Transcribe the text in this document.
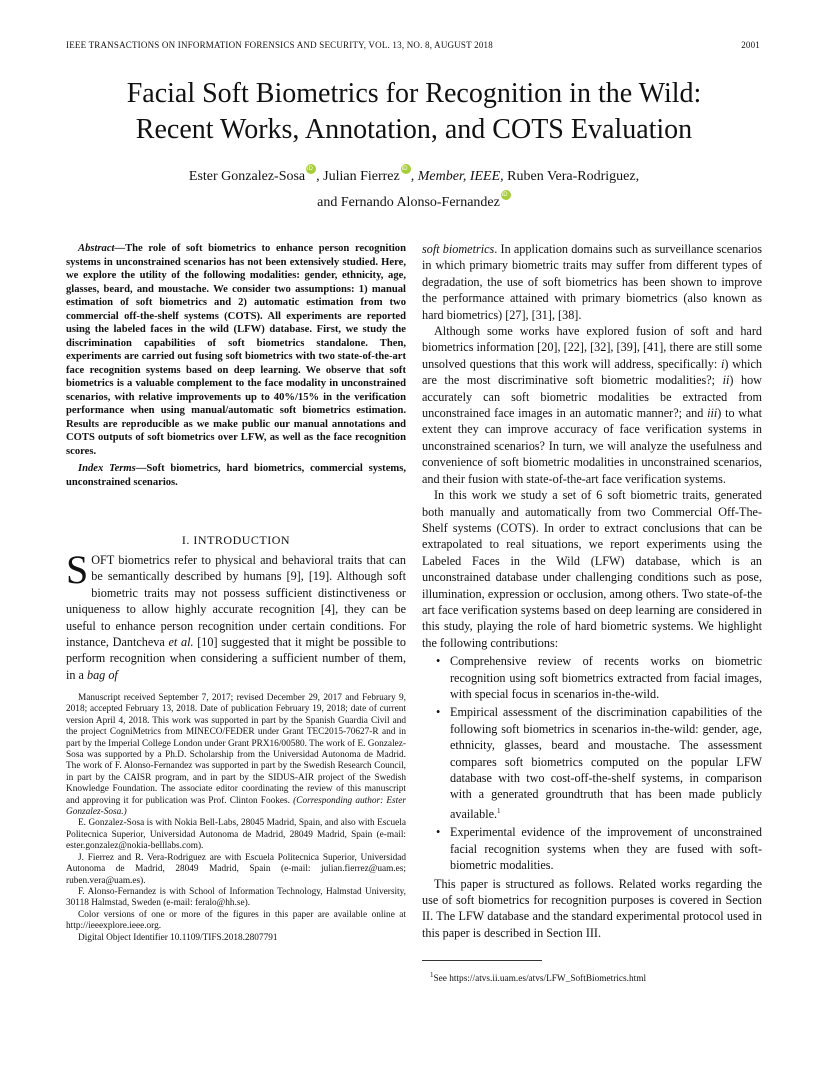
IEEE TRANSACTIONS ON INFORMATION FORENSICS AND SECURITY, VOL. 13, NO. 8, AUGUST 2018	2001
Facial Soft Biometrics for Recognition in the Wild:
Recent Works, Annotation, and COTS Evaluation
Ester Gonzalez-Sosa iD , Julian Fierrez iD , Member, IEEE, Ruben Vera-Rodriguez,
and Fernando Alonso-FernandeziD

Abstract—The role of soft biometrics to enhance person recognition systems in unconstrained scenarios has not been extensively studied. Here, we explore the utility of the following modalities: gender, ethnicity, age, glasses, beard, and moustache. We consider two assumptions: 1) manual estimation of soft biometrics and 2) automatic estimation from two commercial off-the-shelf systems (COTS). All experiments are reported using the labeled faces in the wild (LFW) database. First, we study the discrimination capabilities of soft biometrics standalone. Then, experiments are carried out fusing soft biometrics with two state-of-the-art face recognition systems based on deep learning. We observe that soft biometrics is a valuable complement to the face modality in unconstrained scenarios, with relative improvements up to 40%/15% in the verification performance when using manual/automatic soft biometrics estimation. Results are reproducible as we make public our manual annotations and COTS outputs of soft biometrics over LFW, as well as the face recognition scores.

Index Terms—Soft biometrics, hard biometrics, commercial systems, unconstrained scenarios.

I. INTRODUCTION
SOFT biometrics refer to physical and behavioral traits that can be semantically described by humans [9], [19]. Although soft biometric traits may not possess sufficient distinctiveness or uniqueness to allow highly accurate recognition [4], they can be useful to enhance person recognition under certain conditions. For instance, Dantcheva et al. [10] suggested that it might be possible to perform recognition when considering a sufficient number of them, in a bag of

Manuscript received September 7, 2017; revised December 29, 2017 and February 9, 2018; accepted February 13, 2018. Date of publication February 19, 2018; date of current version April 4, 2018. This work was supported in part by the Spanish Guardia Civil and the project CogniMetrics from MINECO/FEDER under Grant TEC2015-70627-R and in part by the Imperial College London under Grant PRX16/00580. The work of E. Gonzalez-Sosa was supported by a Ph.D. Scholarship from the Universidad Autonoma de Madrid. The work of F. Alonso-Fernandez was supported in part by the Swedish Research Council, in part by the CAISR program, and in part by the SIDUS-AIR project of the Swedish Knowledge Foundation. The associate editor coordinating the review of this manuscript and approving it for publication was Prof. Clinton Fookes. (Corresponding author: Ester Gonzalez-Sosa.)

E. Gonzalez-Sosa is with Nokia Bell-Labs, 28045 Madrid, Spain, and also with Escuela Politecnica Superior, Universidad Autonoma de Madrid, 28049 Madrid, Spain (e-mail: ester.gonzalez@nokia-belllabs.com).

J. Fierrez and R. Vera-Rodriguez are with Escuela Politecnica Superior, Universidad Autonoma de Madrid, 28049 Madrid, Spain (e-mail: julian.fierrez@uam.es; ruben.vera@uam.es).

F. Alonso-Fernandez is with School of Information Technology, Halmstad University, 30118 Halmstad, Sweden (e-mail: feralo@hh.se).

Color versions of one or more of the figures in this paper are available online at http://ieeexplore.ieee.org.

Digital Object Identifier 10.1109/TIFS.2018.2807791

soft biometrics. In application domains such as surveillance scenarios in which primary biometric traits may suffer from different types of degradation, the use of soft biometrics has been shown to improve the performance attained with primary biometrics (also known as hard biometrics) [27], [31], [38].

Although some works have explored fusion of soft and hard biometrics information [20], [22], [32], [39], [41], there are still some unsolved questions that this work will address, specifically: i) which are the most discriminative soft biometric modalities?; ii) how accurately can soft biometric modalities be extracted from unconstrained face images in an automatic manner?; and iii) to what extent they can improve accuracy of face verification systems in unconstrained scenarios? In turn, we will analyze the usefulness and convenience of soft biometric modalities in unconstrained scenarios, and their fusion with state-of-the-art face verification systems.

In this work we study a set of 6 soft biometric traits, generated both manually and automatically from two Commercial Off-The-Shelf systems (COTS). In order to extract conclusions that can be extrapolated to real situations, we report experiments using the Labeled Faces in the Wild (LFW) database, which is an unconstrained database under challenging conditions such as pose, illumination, expression or occlusion, among others. Two state-of-the art face verification systems based on deep learning are considered in this study, playing the role of hard biometric systems. We highlight the following contributions:

• Comprehensive review of recents works on biometric recognition using soft biometrics extracted from facial images, with special focus in scenarios in-the-wild.
• Empirical assessment of the discrimination capabilities of the following soft biometrics in scenarios in-the-wild: gender, age, ethnicity, glasses, beard and moustache. The assessment compares soft biometrics computed on the popular LFW database with two cost-off-the-shelf systems, in comparison with a generated groundtruth that has been made publicly available.$^1$
• Experimental evidence of the improvement of unconstrained facial recognition systems when they are fused with soft-biometric modalities.

This paper is structured as follows. Related works regarding the use of soft biometrics for recognition purposes is covered in Section II. The LFW database and the standard experimental protocol used in this paper is described in Section III.

$^1$See https://atvs.ii.uam.es/atvs/LFW_SoftBiometrics.html
